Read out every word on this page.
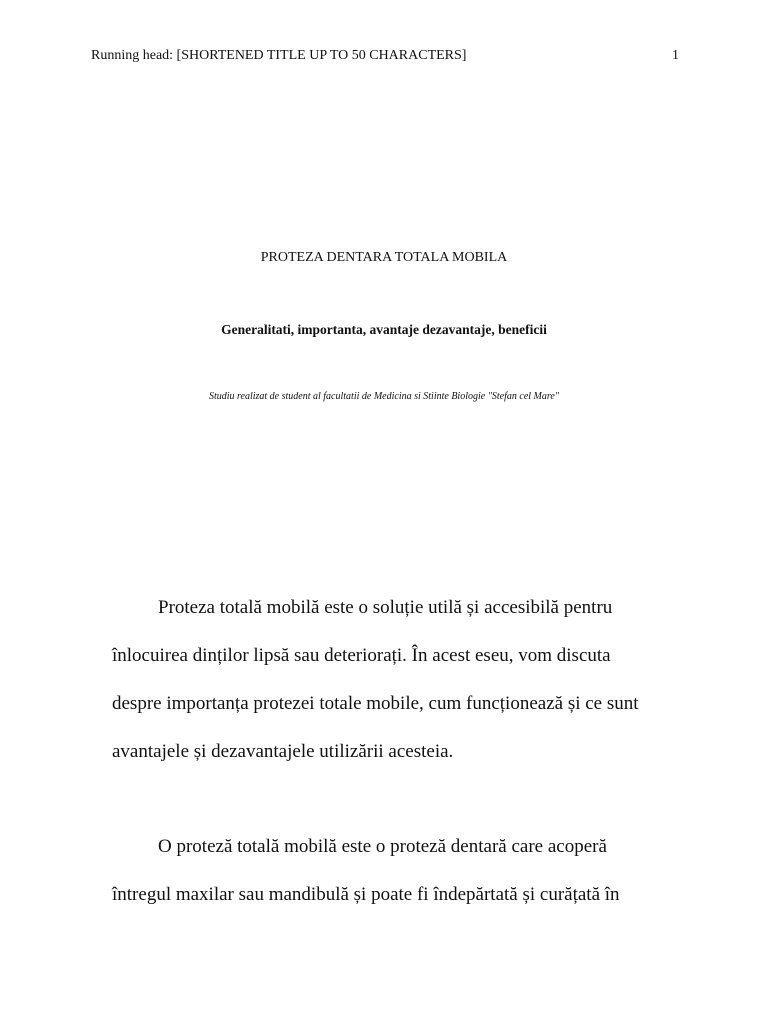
Running head: [SHORTENED TITLE UP TO 50 CHARACTERS]	1
PROTEZA DENTARA TOTALA MOBILA
Generalitati, importanta, avantaje dezavantaje, beneficii
Studiu realizat de student al facultatii de Medicina si Stiinte Biologie "Stefan cel Mare"

Proteza totală mobilă este o soluție utilă și accesibilă pentru
înlocuirea dinților lipsă sau deteriorați. În acest eseu, vom discuta
despre importanța protezei totale mobile, cum funcționează și ce sunt
avantajele și dezavantajele utilizării acesteia.

O proteză totală mobilă este o proteză dentară care acoperă
întregul maxilar sau mandibulă și poate fi îndepărtată și curățată în
